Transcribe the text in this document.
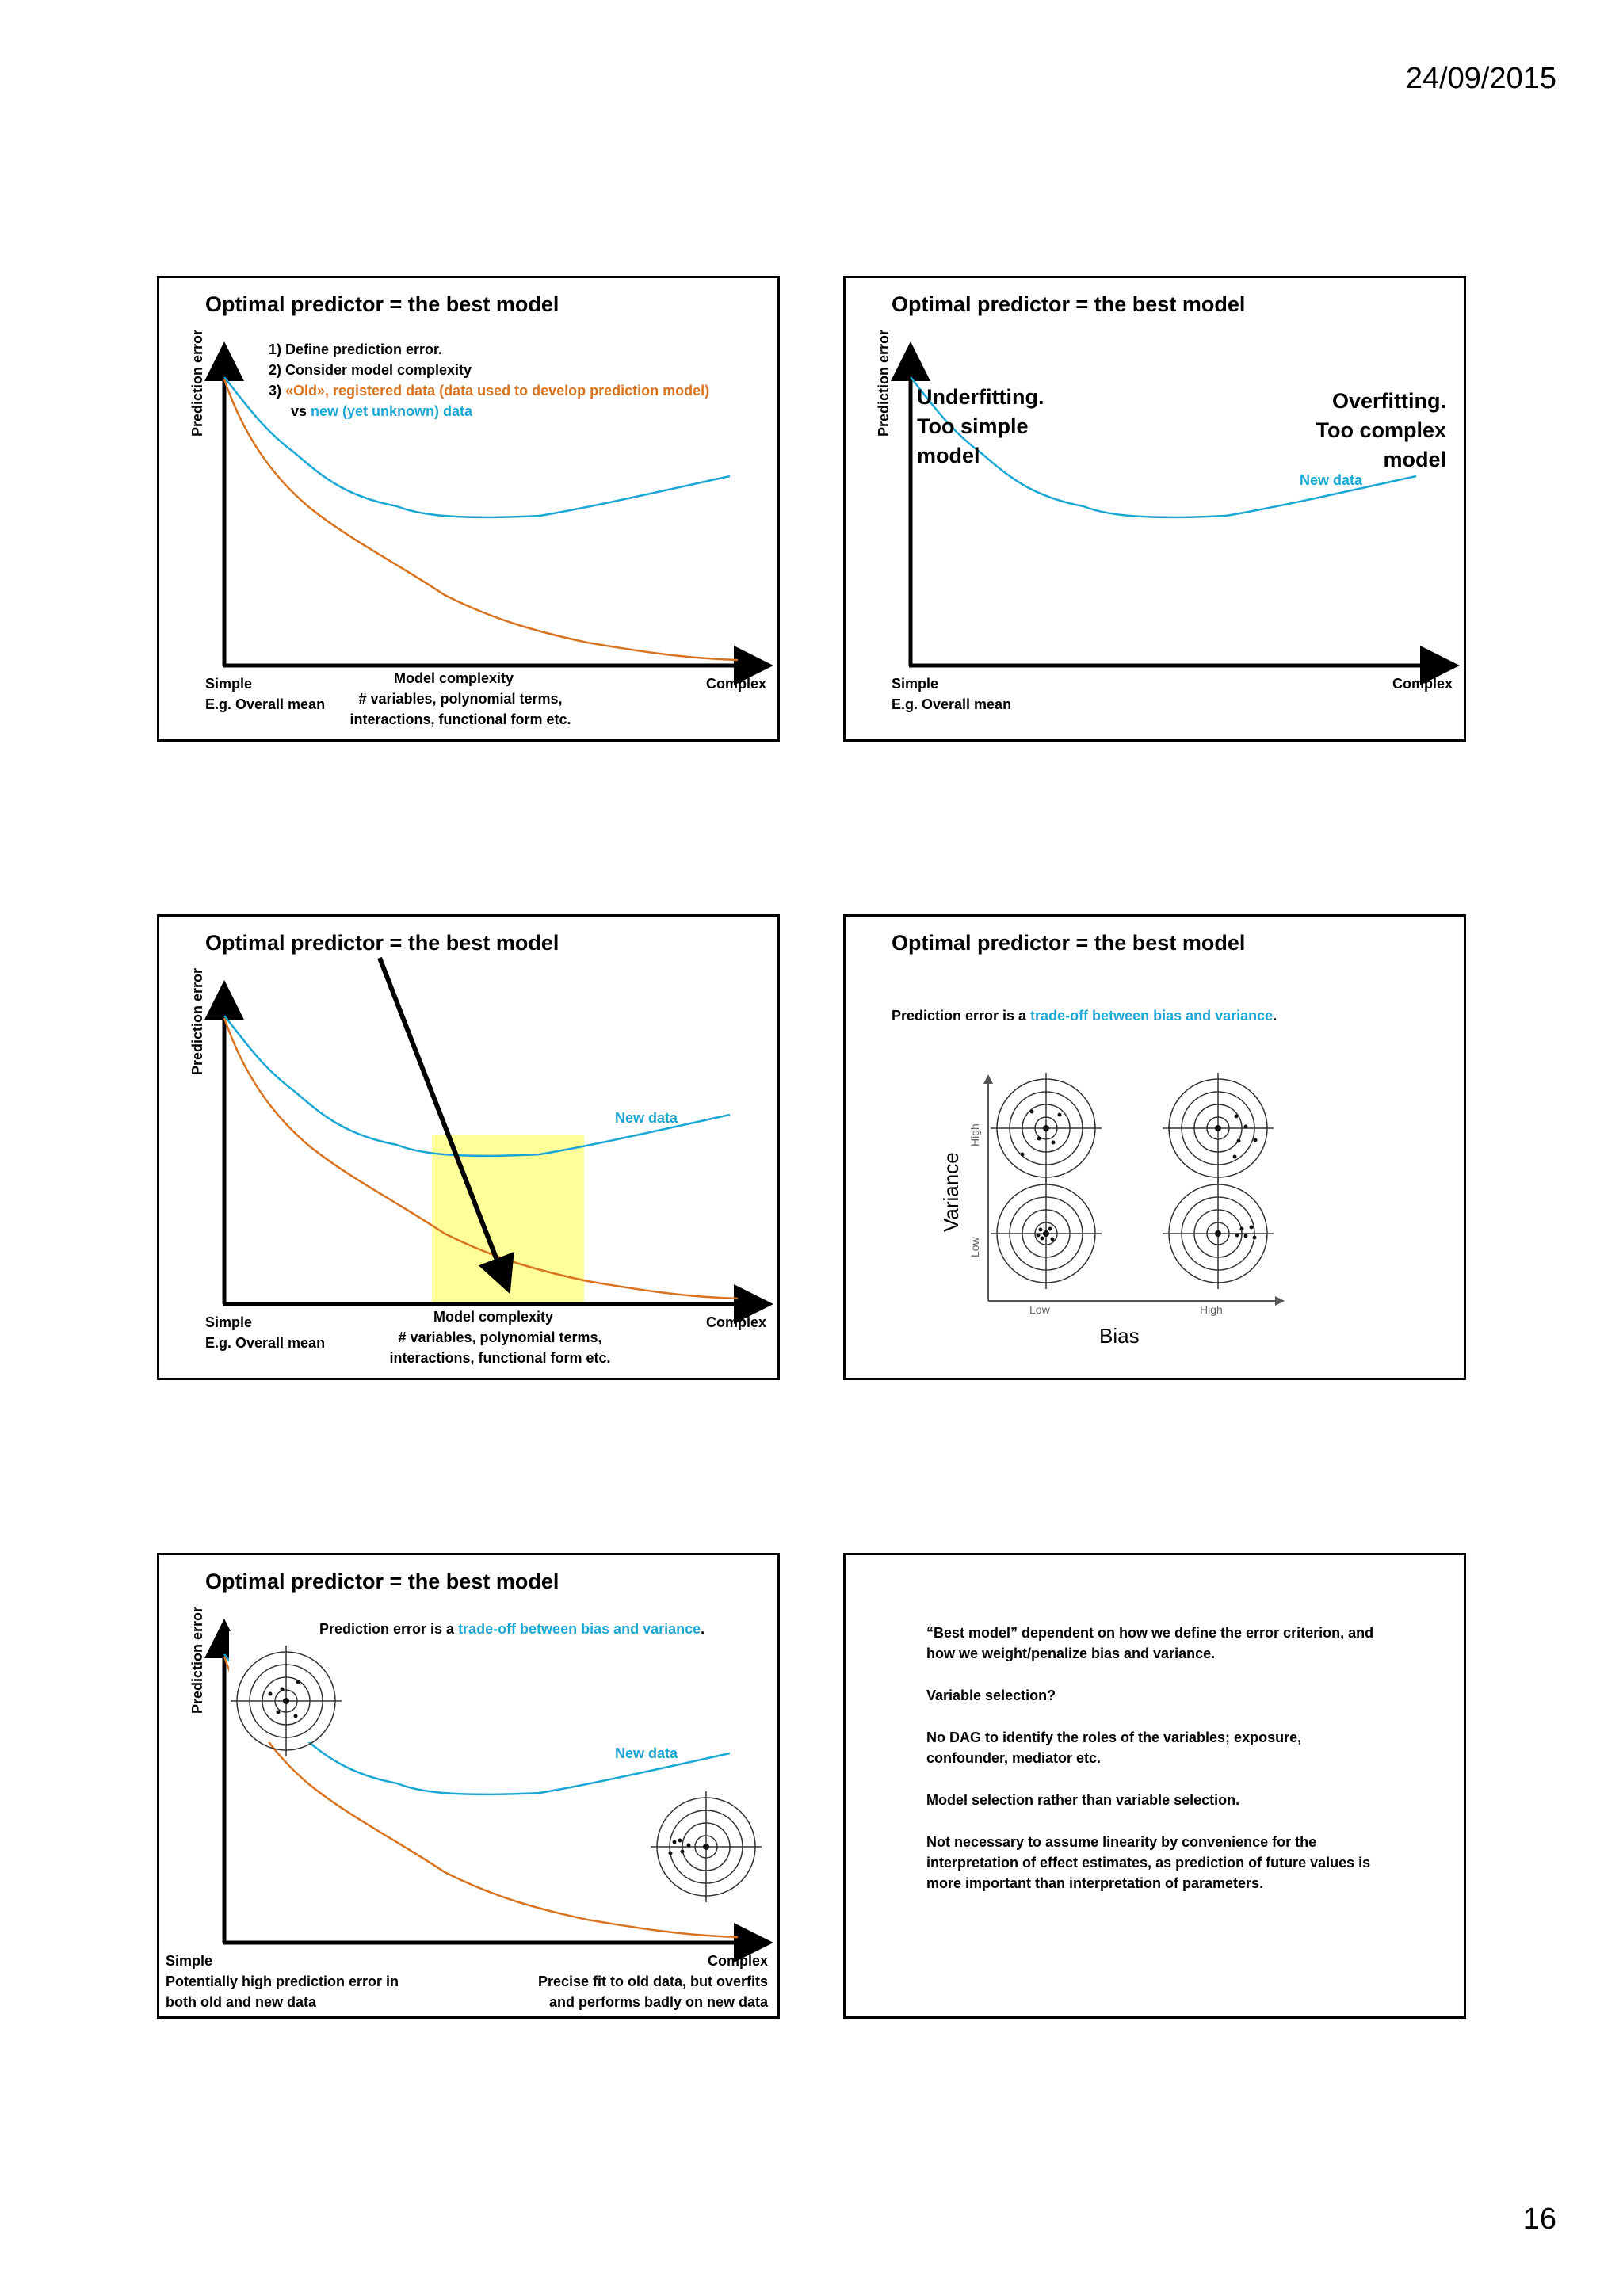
24/09/2015
16
Optimal predictor = the best model
Prediction error	1) Define prediction error.
2) Consider model complexity
3) «Old», registered data (data used to develop prediction model)
vs new (yet unknown) data
Simple
E.g. Overall mean
Model complexity
# variables, polynomial terms,
interactions, functional form etc.
Complex
Optimal predictor = the best model
Prediction error Underfitting.
Too simple
model
Overfitting.
Too complex
model
New data
Simple
E.g. Overall mean
Complex
Optimal predictor = the best model
Prediction error
New data
Simple
E.g. Overall mean
Model complexity
# variables, polynomial terms,
interactions, functional form etc.
Complex
Optimal predictor = the best model
Prediction error is a trade-off between bias and variance.
Variance
High
Low
Low	High
Bias
Optimal predictor = the best model
Prediction error	Prediction error is a trade-off between bias and variance.
New data
Simple
Potentially high prediction error in
both old and new data
Complex
Precise fit to old data, but overfits
and performs badly on new data

“Best model” dependent on how we define the error criterion, and how we weight/penalize bias and variance.

Variable selection?

No DAG to identify the roles of the variables; exposure, confounder, mediator etc.

Model selection rather than variable selection.

Not necessary to assume linearity by convenience for the interpretation of effect estimates, as prediction of future values is more important than interpretation of parameters.
